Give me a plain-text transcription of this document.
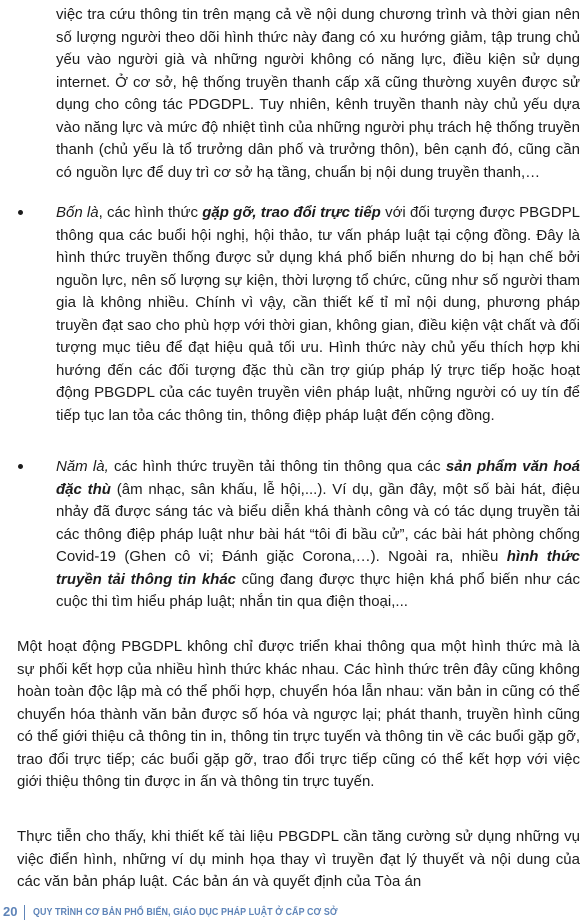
việc tra cứu thông tin trên mạng cả về nội dung chương trình và thời gian nên số lượng người theo dõi hình thức này đang có xu hướng giảm, tập trung chủ yếu vào người già và những người không có năng lực, điều kiện sử dụng internet. Ở cơ sở, hệ thống truyền thanh cấp xã cũng thường xuyên được sử dụng cho công tác PDGDPL. Tuy nhiên, kênh truyền thanh này chủ yếu dựa vào năng lực và mức độ nhiệt tình của những người phụ trách hệ thống truyền thanh (chủ yếu là tổ trưởng dân phố và trưởng thôn), bên cạnh đó, cũng cần có nguồn lực để duy trì cơ sở hạ tầng, chuẩn bị nội dung truyền thanh,…

Bốn là, các hình thức gặp gỡ, trao đổi trực tiếp với đối tượng được PBGDPL thông qua các buổi hội nghị, hội thảo, tư vấn pháp luật tại cộng đồng. Đây là hình thức truyền thống được sử dụng khá phổ biến nhưng do bị hạn chế bởi nguồn lực, nên số lượng sự kiện, thời lượng tổ chức, cũng như số người tham gia là không nhiều. Chính vì vậy, cần thiết kế tỉ mỉ nội dung, phương pháp truyền đạt sao cho phù hợp với thời gian, không gian, điều kiện vật chất và đối tượng mục tiêu để đạt hiệu quả tối ưu. Hình thức này chủ yếu thích hợp khi hướng đến các đối tượng đặc thù cần trợ giúp pháp lý trực tiếp hoặc hoạt động PBGDPL của các tuyên truyền viên pháp luật, những người có uy tín để tiếp tục lan tỏa các thông tin, thông điệp pháp luật đến cộng đồng.

Năm là, các hình thức truyền tải thông tin thông qua các sản phẩm văn hoá đặc thù (âm nhạc, sân khấu, lễ hội,...). Ví dụ, gần đây, một số bài hát, điệu nhảy đã được sáng tác và biểu diễn khá thành công và có tác dụng truyền tải các thông điệp pháp luật như bài hát “tôi đi bầu cử”, các bài hát phòng chống Covid-19 (Ghen cô vi; Đánh giặc Corona,…). Ngoài ra, nhiều hình thức truyền tải thông tin khác cũng đang được thực hiện khá phổ biến như các cuộc thi tìm hiểu pháp luật; nhắn tin qua điện thoại,...

Một hoạt động PBGDPL không chỉ được triển khai thông qua một hình thức mà là sự phối kết hợp của nhiều hình thức khác nhau. Các hình thức trên đây cũng không hoàn toàn độc lập mà có thể phối hợp, chuyển hóa lẫn nhau: văn bản in cũng có thể chuyển hóa thành văn bản được số hóa và ngược lại; phát thanh, truyền hình cũng có thể giới thiệu cả thông tin in, thông tin trực tuyến và thông tin về các buổi gặp gỡ, trao đổi trực tiếp; các buổi gặp gỡ, trao đổi trực tiếp cũng có thể kết hợp với việc giới thiệu thông tin được in ấn và thông tin trực tuyến.

Thực tiễn cho thấy, khi thiết kế tài liệu PBGDPL cần tăng cường sử dụng những vụ việc điển hình, những ví dụ minh họa thay vì truyền đạt lý thuyết và nội dung của các văn bản pháp luật. Các bản án và quyết định của Tòa án

20 QUY TRÌNH CƠ BẢN PHỔ BIẾN, GIÁO DỤC PHÁP LUẬT Ở CẤP CƠ SỞ
